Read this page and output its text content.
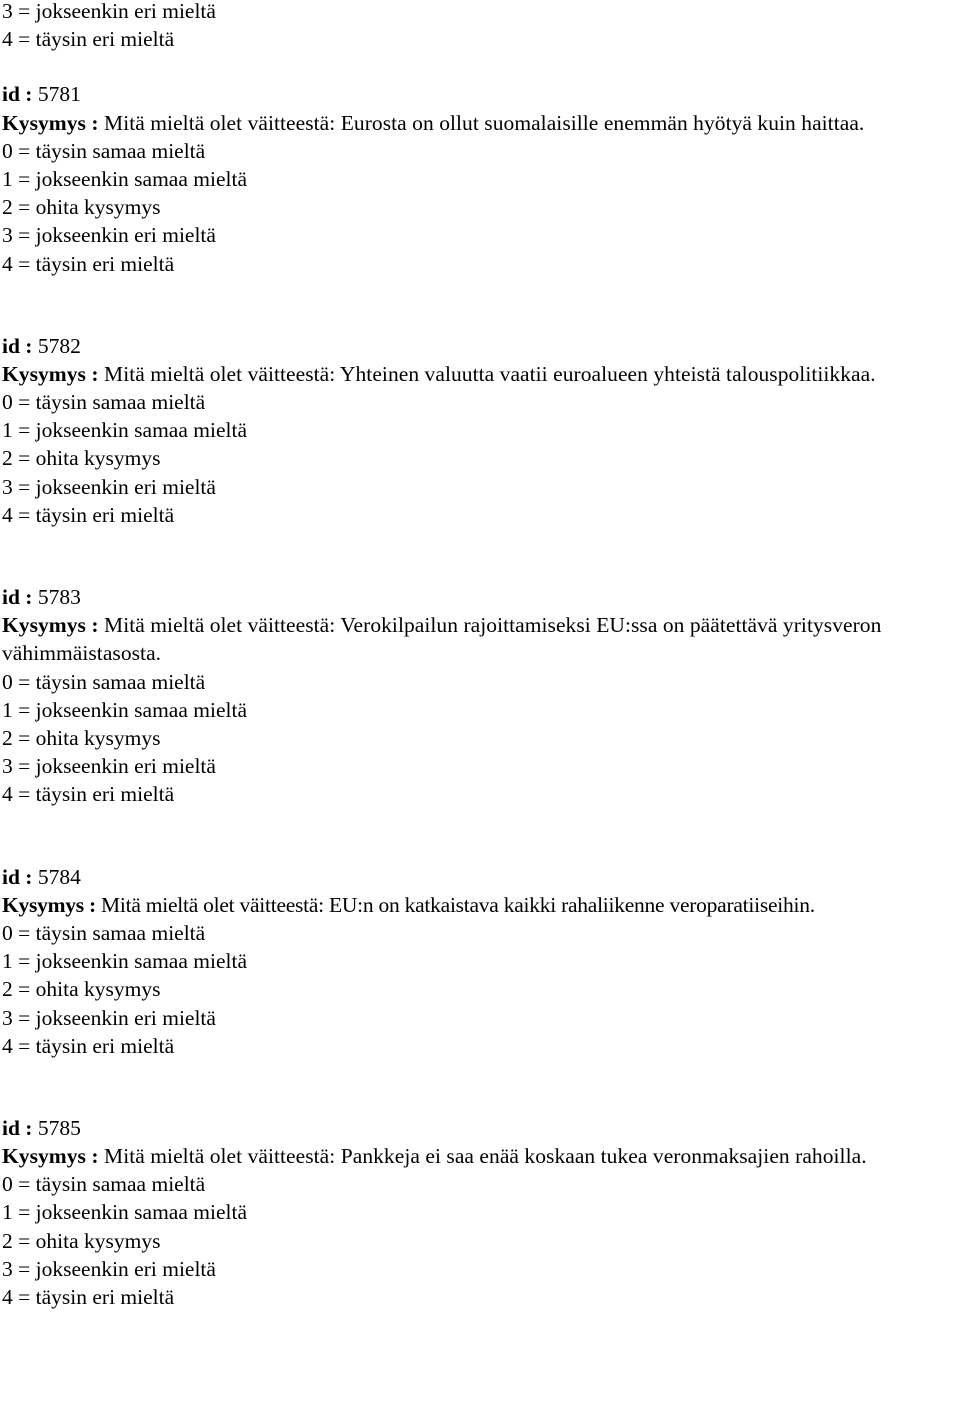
3 = jokseenkin eri mieltä
4 = täysin eri mieltä
id : 5781
Kysymys : Mitä mieltä olet väitteestä: Eurosta on ollut suomalaisille enemmän hyötyä kuin haittaa.
0 = täysin samaa mieltä
1 = jokseenkin samaa mieltä
2 = ohita kysymys
3 = jokseenkin eri mieltä
4 = täysin eri mieltä
id : 5782
Kysymys : Mitä mieltä olet väitteestä: Yhteinen valuutta vaatii euroalueen yhteistä talouspolitiikkaa.
0 = täysin samaa mieltä
1 = jokseenkin samaa mieltä
2 = ohita kysymys
3 = jokseenkin eri mieltä
4 = täysin eri mieltä
id : 5783
Kysymys : Mitä mieltä olet väitteestä: Verokilpailun rajoittamiseksi EU:ssa on päätettävä yritysveron vähimmäistasosta.
0 = täysin samaa mieltä
1 = jokseenkin samaa mieltä
2 = ohita kysymys
3 = jokseenkin eri mieltä
4 = täysin eri mieltä
id : 5784
Kysymys : Mitä mieltä olet väitteestä: EU:n on katkaistava kaikki rahaliikenne veroparatiiseihin.
0 = täysin samaa mieltä
1 = jokseenkin samaa mieltä
2 = ohita kysymys
3 = jokseenkin eri mieltä
4 = täysin eri mieltä
id : 5785
Kysymys : Mitä mieltä olet väitteestä: Pankkeja ei saa enää koskaan tukea veronmaksajien rahoilla.
0 = täysin samaa mieltä
1 = jokseenkin samaa mieltä
2 = ohita kysymys
3 = jokseenkin eri mieltä
4 = täysin eri mieltä
